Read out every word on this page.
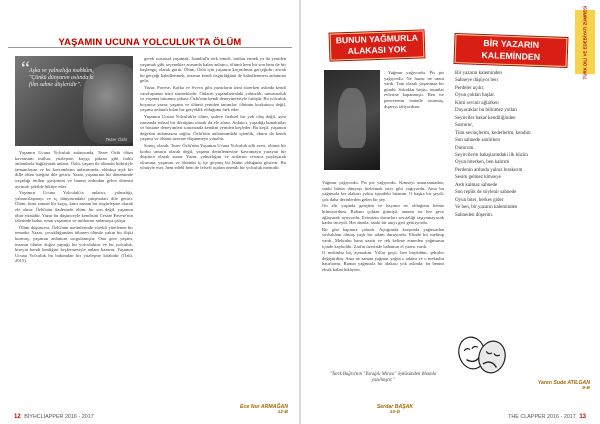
YAŞAMIN UCUNA YOLCULUK'TA ÖLÜM
“ Aşka ve yalnızlığa mahkûm, "Çünkü dünyanın aslında ki film sahne düşleridir".
Tezer Özlü

Yaşamın Ucuna Yolculuk anlatısında, Tezer Özlü ölüm kavramını intihar, yüzleşme, kaygı, şükran gibi farklı anlamlarla bağlayarak anlatır. Özlü, yaşam ile ölümün birbiriyle tamamlayan ve bu kavramların anlatımında, oldukça açık bir dille ölüm isteğini dile getirir. Yazar, yaşamının bir döneminde yaşadığı intihar girişimini ve bunun ardından gelen dönemi ayrıntılı şekilde hikâye eder.

Yaşamın Ucuna Yolculuk'ta anlatıcı, yalnızlığı, yabancılaşmayı ve iç dünyasındaki çatışmaları dile getirir. Ölüm, kimi zaman bir kaçış, kimi zaman bir özgürleşme olarak ele alınır. Özlü'nün ifadesinde ölüm; bir son değil, yaşamın öbür yüzüdür. Yazar bu düşünceyle kendisini Cesare Pavese'nin izlerinde bulur, onun yaşamını ve intiharını anlamaya çalışır.

Ölüm düşüncesi, Özlü'nün metinlerinde sürekli yinelenen bir temadır. Yazar, çocukluğundan itibaren ölümle yakın bir ilişki kurmuş, yaşamın anlamını sorgulamıştır. Ona göre yaşam, insanın ölüme doğru yaptığı bir yolculuktur ve bu yolculuk, bireyin kendi benliğini keşfetmesiyle anlam kazanır. Yaşamın Ucuna Yolculuk bu bakımdan bir yüzleşme kitabıdır (Özlü, 2015).

gerek sorunsal yaşamak, İstanbul'u terk etmek, intihar etmek ya da yeniden yaşamak gibi seçenekler arasında kalan anlatıcı, ölümü hem bir son hem de bir başlangıç olarak görür. Ölüm, Özlü için yaşamın kaçınılmaz gerçeğidir; ancak bu gerçeği kabullenmek, insanın kendi özgürlüğünü de kabullenmesi anlamına gelir.

Yazar, Pavese, Kafka ve Svevo gibi yazarların izini sürerken aslında kendi varoluşunun izini sürmektedir. Onların yaşamlarındaki yalnızlık, umutsuzluk ve yaşama tutunma çabası, Özlü'nün kendi deneyimleriyle örtüşür. Bu yolculuk boyunca yazar, yaşamı ve ölümü yeniden tanımlar; ölümün korkutucu değil, yaşamı anlamlı kılan bir gerçeklik olduğunu fark eder.

Yaşamın Ucuna Yolculuk'ta ölüm, sadece fiziksel bir yok oluş değil, aynı zamanda ruhsal bir dönüşüm olarak da ele alınır. Anlatıcı, yaşadığı bunalımlar ve hastane deneyimleri sonrasında kendini yeniden keşfeder. Bu keşif, yaşamın değerini anlamasını sağlar. Özlü'nün anlatımındaki içtenlik, okuru da kendi yaşamı ve ölümü üzerine düşünmeye yöneltir.

Sonuç olarak, Tezer Özlü'nün Yaşamın Ucuna Yolculuk adlı eseri, ölümü bir korku unsuru olarak değil, yaşamı derinlemesine kavramaya yarayan bir düşünce olarak sunar. Yazar, yalnızlığını ve acılarını cesurca paylaşarak okuruna, yaşamın ve ölümün iç içe geçmiş bir bütün olduğunu gösterir. Bu yönüyle eser, hem edebî hem de felsefi açıdan önemli bir yolculuk metnidir.

Ece Nur ARMAĞAN
12-B
12 BİYHCLİAPPER 2016 - 2017
TÜRK DİLİ VE EDEBİYATI ZÜMRESİ
BUNUN YAĞMURLA
ALAKASI YOK	BİR YAZARIN
KALEMİNDEN

Yağmur yağıyordu. Pis pis yağıyordu. Ne huzur ne umut vardı. Tam olarak yaşanmaz bir gündü. Sokaklar boştu, insanlar evlerine kapanmıştı. Ben ise pencerenin önünde oturmuş, dışarıyı izliyordum.

Yağmur yağıyordu. Pis pis yağıyordu. Kimseyi umursamadan, sanki bütün dünyayı kirletmek ister gibi yağıyordu. Ama bu yağmurla bir alakası yoktu içimdeki hüznün. O başka bir şeydi, çok daha derinlerden gelen bir şey.

On altı yaşında gençtim ve hayatın ne olduğunu henüz bilmiyordum. Babam çoktan gitmişti, annem ise her gece ağlayarak uyuyordu. Evimizin duvarları sessizliği taşıyamayacak kadar inceydi. Her damla, sanki bir anıyı geri getiriyordu.

Bir gün kapımız çalındı. Açtığımda karşımda yağmurdan sırılsıklam olmuş yaşlı bir adam duruyordu. Elinde bir mektup vardı. Mektubu bana uzattı ve tek kelime etmeden yağmurun içinde kayboldu. Zarfın üzerinde babamın el yazısı vardı.

O mektubu hiç açmadım. Yıllar geçti, ben büyüdüm, şehirler değiştirdim. Ama ne zaman yağmur yağsa o adamı ve o mektubu hatırlarım. Bunun yağmurla bir alakası yok aslında; bu benim eksik kalan hikâyem.

"Tarık Buğra'nın "Yarağılı Mirası" öyküsünden ilhamla yazılmıştır."
Serdar BAŞAK
10-D
Bir yazarın kaleminden
Sahneye düşüyor ben
Perdeler açılır,
Oyun çoktan başlar.
Kimi sevinir ağlarken
Duyacaklar bu bilinmez yolları
Seyirciler bakar kendiliğinden
Susturur,
Tüm sevinçlerim, kederlerim, kendim
Son sahnede satılırken
Dururum.
Seyircilerin bakışlarındaki ilk hüzün
Oyun biterken, ben kalırım
Perdenin ardında yalnız bırakırım
Sesim gelmez kimseye
Ardı kalmaz sahnede
Son replik de söylenir sahnede
Oyun biter, herkes gider
Ve ben, bir yazarın kaleminden
Sahneden düşerim.
Yaren Sude ATILGAN
9-B
THE CLAPPER 2016 - 2017 13
